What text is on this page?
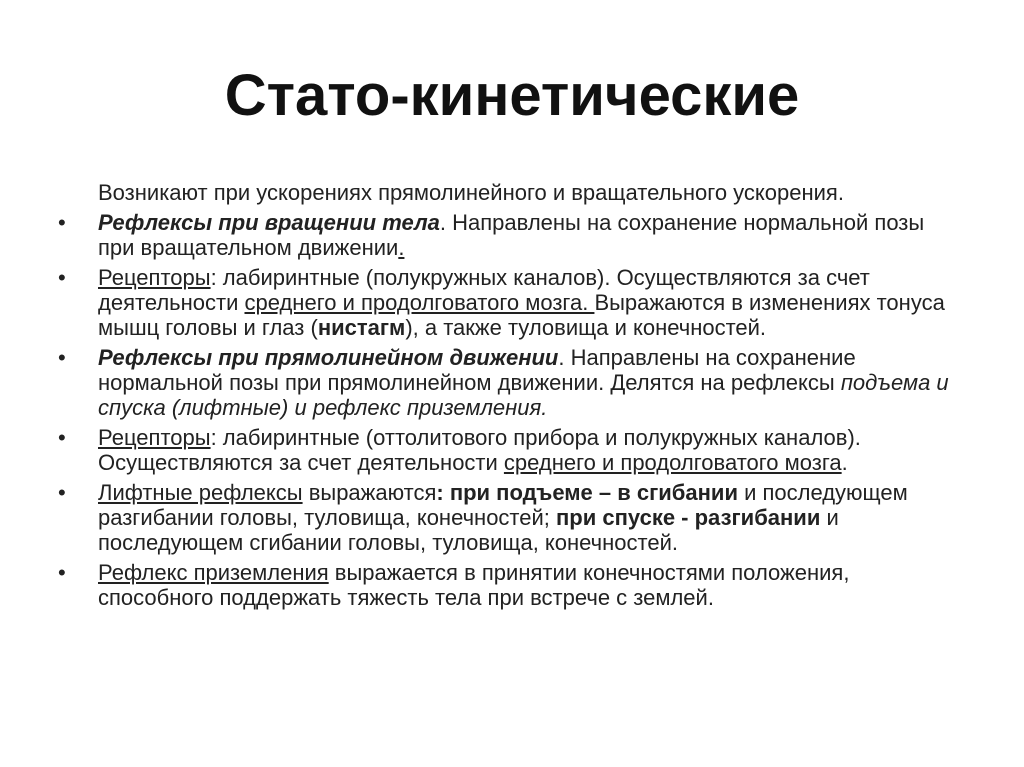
Стато-кинетические
Возникают при ускорениях прямолинейного и вращательного ускорения.
•	Рефлексы при вращении тела. Направлены на сохранение нормальной позы при вращательном движении.
•	Рецепторы: лабиринтные (полукружных каналов). Осуществляются за счет деятельности среднего и продолговатого мозга. Выражаются в изменениях тонуса мышц головы и глаз (нистагм), а также туловища и конечностей.
•	Рефлексы при прямолинейном движении. Направлены на сохранение нормальной позы при прямолинейном движении. Делятся на рефлексы подъема и спуска (лифтные) и рефлекс приземления.
•	Рецепторы: лабиринтные (оттолитового прибора и полукружных каналов). Осуществляются за счет деятельности среднего и продолговатого мозга.
•	Лифтные рефлексы выражаются: при подъеме – в сгибании и последующем разгибании головы, туловища, конечностей; при спуске - разгибании и последующем сгибании головы, туловища, конечностей.
•	Рефлекс приземления выражается в принятии конечностями положения, способного поддержать тяжесть тела при встрече с землей.
